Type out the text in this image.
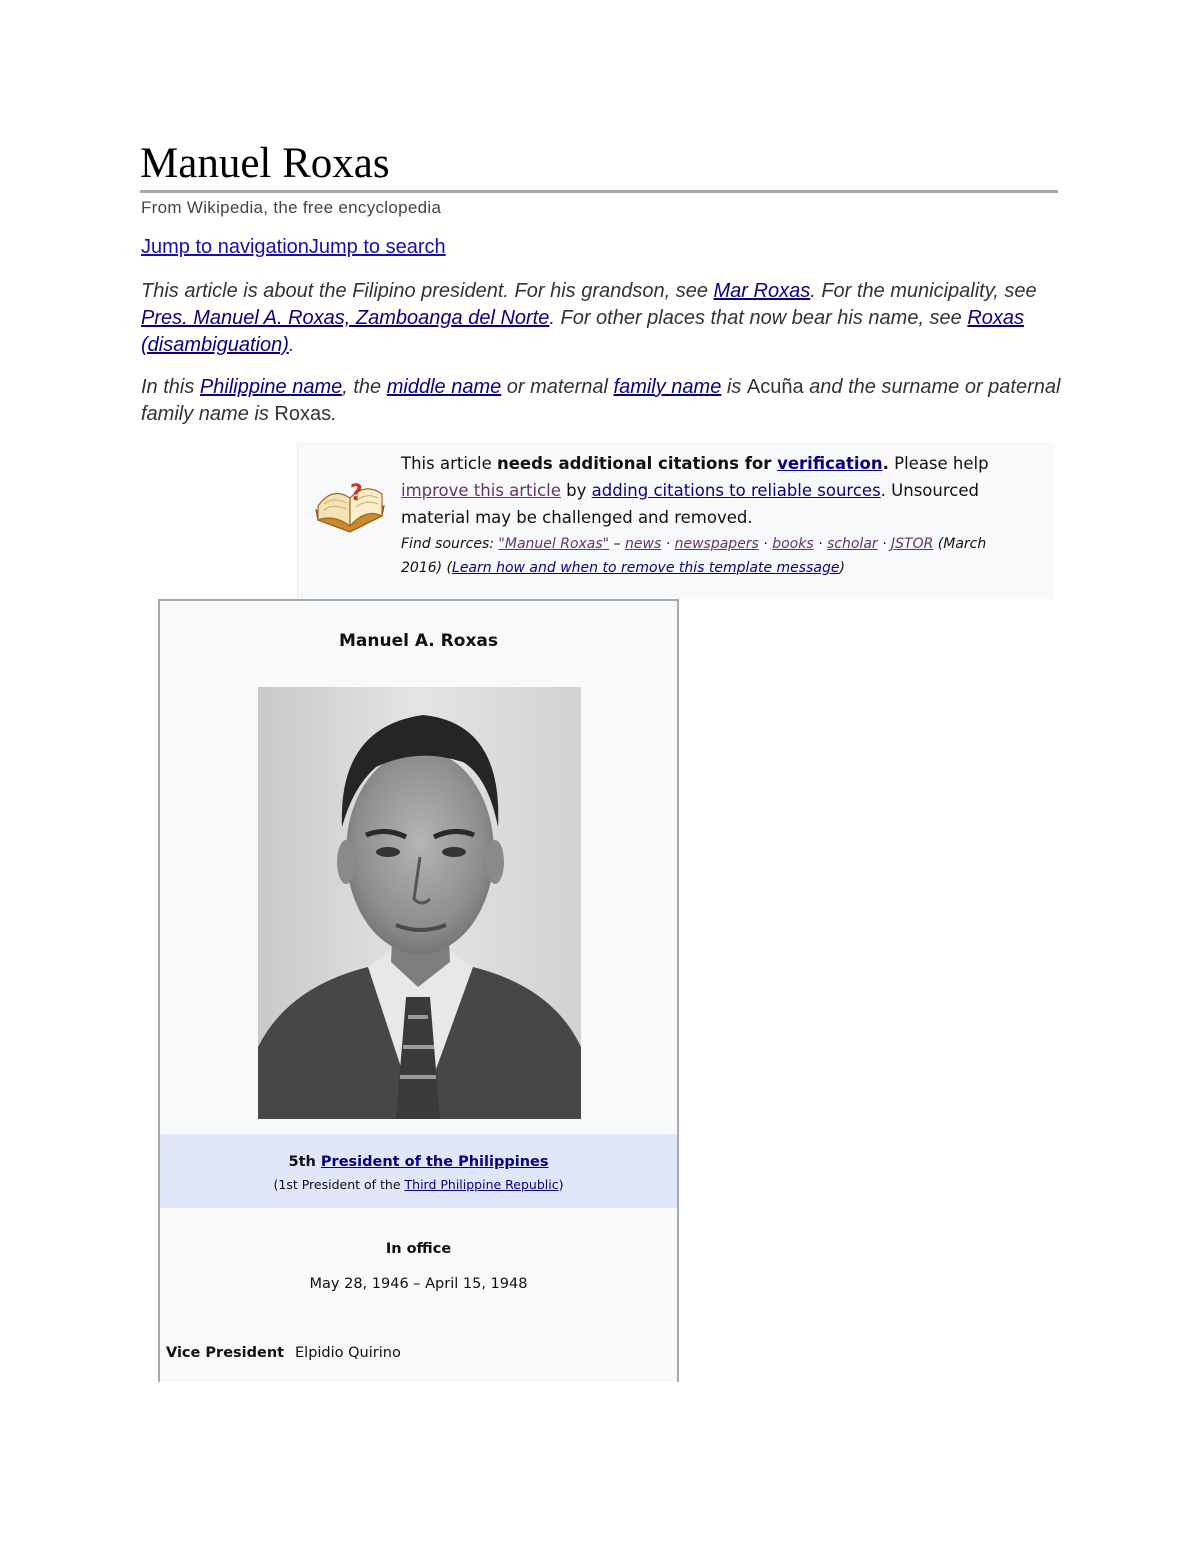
Manuel Roxas
From Wikipedia, the free encyclopedia
Jump to navigationJump to search

This article is about the Filipino president. For his grandson, see Mar Roxas. For the municipality, see Pres. Manuel A. Roxas, Zamboanga del Norte. For other places that now bear his name, see Roxas (disambiguation).

In this Philippine name, the middle name or maternal family name is Acuña and the surname or paternal family name is Roxas.

?
This article needs additional citations for verification. Please help improve this article by adding citations to reliable sources. Unsourced material may be challenged and removed.
Find sources: "Manuel Roxas" – news · newspapers · books · scholar · JSTOR (March 2016) (Learn how and when to remove this template message)
Manuel A. Roxas
5th President of the Philippines
(1st President of the Third Philippine Republic)
In office
May 28, 1946 – April 15, 1948
Vice President Elpidio Quirino
